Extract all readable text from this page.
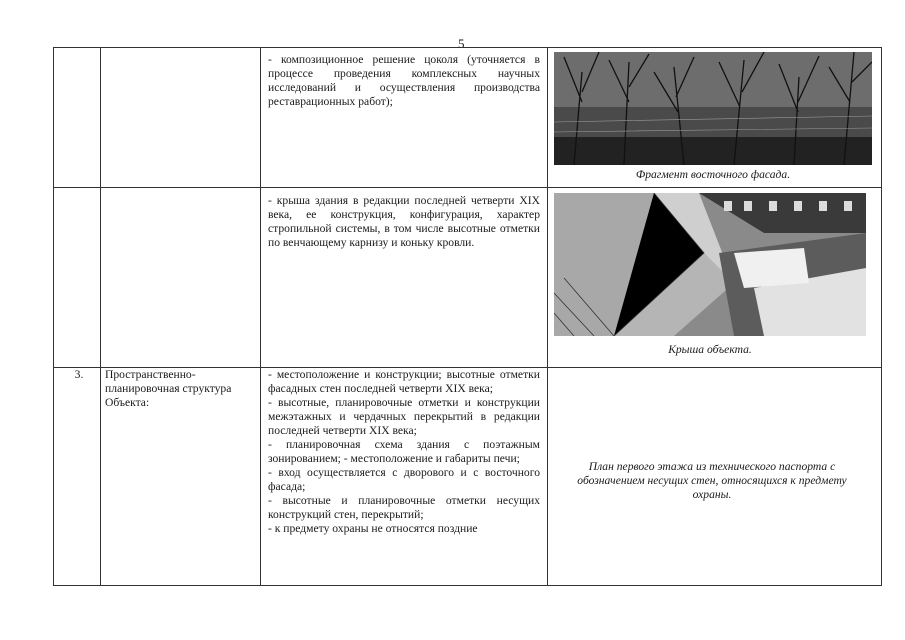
5
- композиционное решение цоколя (уточняется в процессе проведения комплексных научных исследований и осуществления производства реставрационных работ);
Фрагмент восточного фасада.
- крыша здания в редакции последней четверти XIX века, ее конструкция, конфигурация, характер стропильной системы, в том числе высотные отметки по венчающему карнизу и коньку кровли.
Крыша объекта.
3.	Пространственно-планировочная структура Объекта:

- местоположение и конструкции; высотные отметки фасадных стен последней четверти XIX века;

- высотные, планировочные отметки и конструкции межэтажных и чердачных перекрытий в редакции последней четверти XIX века;

- планировочная схема здания с поэтажным зонированием; - местоположение и габариты печи;

- вход осуществляется с дворового и с восточного фасада;

- высотные и планировочные отметки несущих конструкций стен, перекрытий;

- к предмету охраны не относятся поздние

План первого этажа из технического паспорта с обозначением несущих стен, относящихся к предмету охраны.
